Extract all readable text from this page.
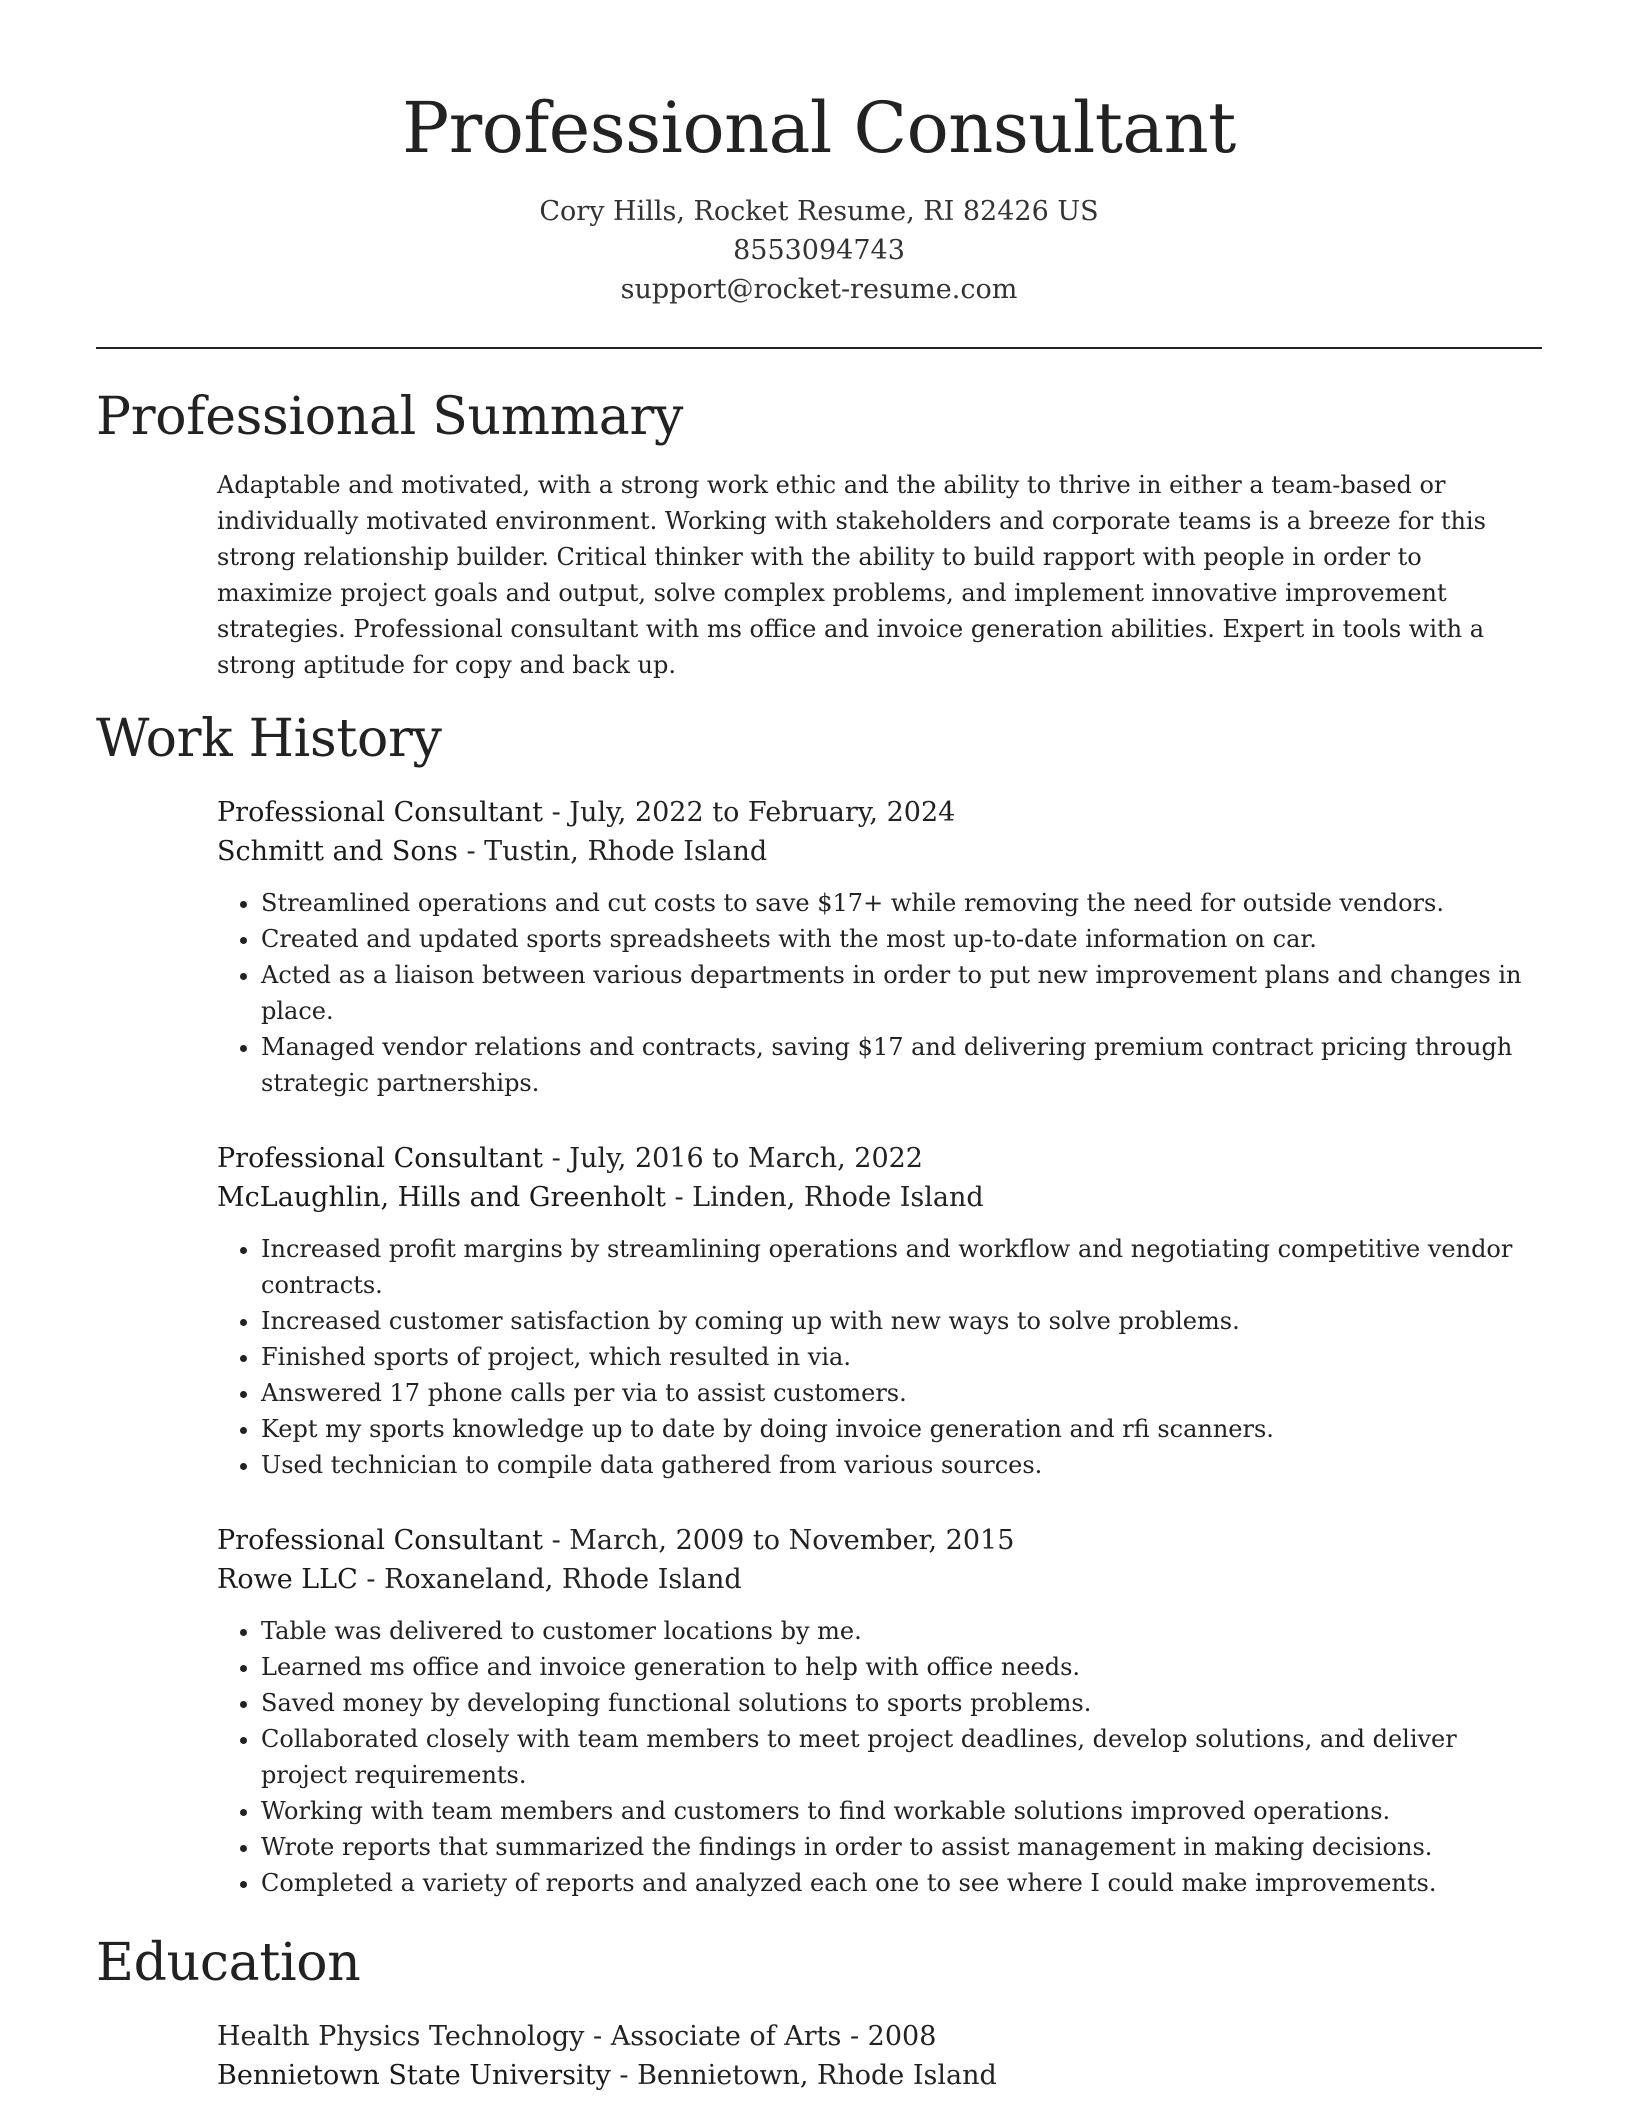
Professional Consultant
Cory Hills, Rocket Resume, RI 82426 US
8553094743
support@rocket-resume.com
Professional Summary
Adaptable and motivated, with a strong work ethic and the ability to thrive in either a team-based or individually motivated environment. Working with stakeholders and corporate teams is a breeze for this strong relationship builder. Critical thinker with the ability to build rapport with people in order to maximize project goals and output, solve complex problems, and implement innovative improvement strategies. Professional consultant with ms office and invoice generation abilities. Expert in tools with a strong aptitude for copy and back up.
Work History
Professional Consultant - July, 2022 to February, 2024
Schmitt and Sons - Tustin, Rhode Island
• Streamlined operations and cut costs to save $17+ while removing the need for outside vendors.
• Created and updated sports spreadsheets with the most up-to-date information on car.
• Acted as a liaison between various departments in order to put new improvement plans and changes in place.
• Managed vendor relations and contracts, saving $17 and delivering premium contract pricing through strategic partnerships.
Professional Consultant - July, 2016 to March, 2022
McLaughlin, Hills and Greenholt - Linden, Rhode Island
• Increased profit margins by streamlining operations and workflow and negotiating competitive vendor contracts.
• Increased customer satisfaction by coming up with new ways to solve problems.
• Finished sports of project, which resulted in via.
• Answered 17 phone calls per via to assist customers.
• Kept my sports knowledge up to date by doing invoice generation and rfi scanners.
• Used technician to compile data gathered from various sources.
Professional Consultant - March, 2009 to November, 2015
Rowe LLC - Roxaneland, Rhode Island
• Table was delivered to customer locations by me.
• Learned ms office and invoice generation to help with office needs.
• Saved money by developing functional solutions to sports problems.
• Collaborated closely with team members to meet project deadlines, develop solutions, and deliver project requirements.
• Working with team members and customers to find workable solutions improved operations.
• Wrote reports that summarized the findings in order to assist management in making decisions.
• Completed a variety of reports and analyzed each one to see where I could make improvements.
Education
Health Physics Technology - Associate of Arts - 2008
Bennietown State University - Bennietown, Rhode Island
